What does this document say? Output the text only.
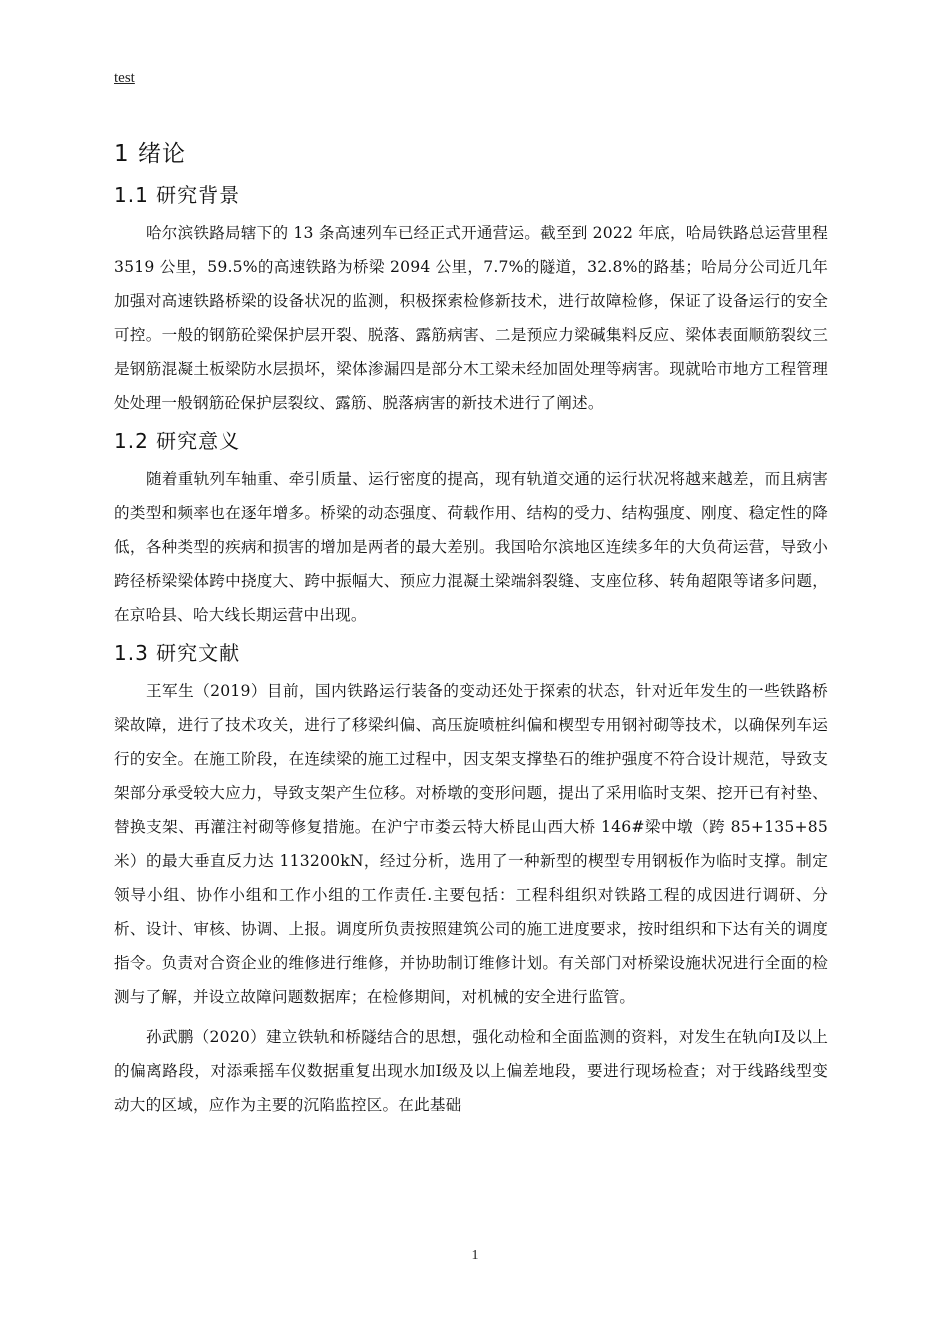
test
1 绪论
1.1 研究背景

哈尔滨铁路局辖下的 13 条高速列车已经正式开通营运。截至到 2022 年底，哈局铁路总运营里程 3519 公里，59.5%的高速铁路为桥梁 2094 公里，7.7%的隧道，32.8%的路基；哈局分公司近几年加强对高速铁路桥梁的设备状况的监测，积极探索检修新技术，进行故障检修，保证了设备运行的安全可控。一般的钢筋砼梁保护层开裂、脱落、露筋病害、二是预应力梁碱集料反应、梁体表面顺筋裂纹三是钢筋混凝土板梁防水层损坏，梁体渗漏四是部分木工梁未经加固处理等病害。现就哈市地方工程管理处处理一般钢筋砼保护层裂纹、露筋、脱落病害的新技术进行了阐述。

1.2 研究意义

随着重轨列车轴重、牵引质量、运行密度的提高，现有轨道交通的运行状况将越来越差，而且病害的类型和频率也在逐年增多。桥梁的动态强度、荷载作用、结构的受力、结构强度、刚度、稳定性的降低，各种类型的疾病和损害的增加是两者的最大差别。我国哈尔滨地区连续多年的大负荷运营，导致小跨径桥梁梁体跨中挠度大、跨中振幅大、预应力混凝土梁端斜裂缝、支座位移、转角超限等诸多问题，在京哈县、哈大线长期运营中出现。

1.3 研究文献

王军生（2019）目前，国内铁路运行装备的变动还处于探索的状态，针对近年发生的一些铁路桥梁故障，进行了技术攻关，进行了移梁纠偏、高压旋喷桩纠偏和楔型专用钢衬砌等技术，以确保列车运行的安全。在施工阶段，在连续梁的施工过程中，因支架支撑垫石的维护强度不符合设计规范，导致支架部分承受较大应力，导致支架产生位移。对桥墩的变形问题，提出了采用临时支架、挖开已有衬垫、替换支架、再灌注衬砌等修复措施。在沪宁市娄云特大桥昆山西大桥 146#梁中墩（跨 85+135+85 米）的最大垂直反力达 113200kN，经过分析，选用了一种新型的楔型专用钢板作为临时支撑。制定领导小组、协作小组和工作小组的工作责任.主要包括：工程科组织对铁路工程的成因进行调研、分析、设计、审核、协调、上报。调度所负责按照建筑公司的施工进度要求，按时组织和下达有关的调度指令。负责对合资企业的维修进行维修，并协助制订维修计划。有关部门对桥梁设施状况进行全面的检测与了解，并设立故障问题数据库；在检修期间，对机械的安全进行监管。

孙武鹏（2020）建立铁轨和桥隧结合的思想，强化动检和全面监测的资料，对发生在轨向Ⅰ及以上的偏离路段，对添乘摇车仪数据重复出现水加Ⅰ级及以上偏差地段，要进行现场检查；对于线路线型变动大的区域，应作为主要的沉陷监控区。在此基础

1
